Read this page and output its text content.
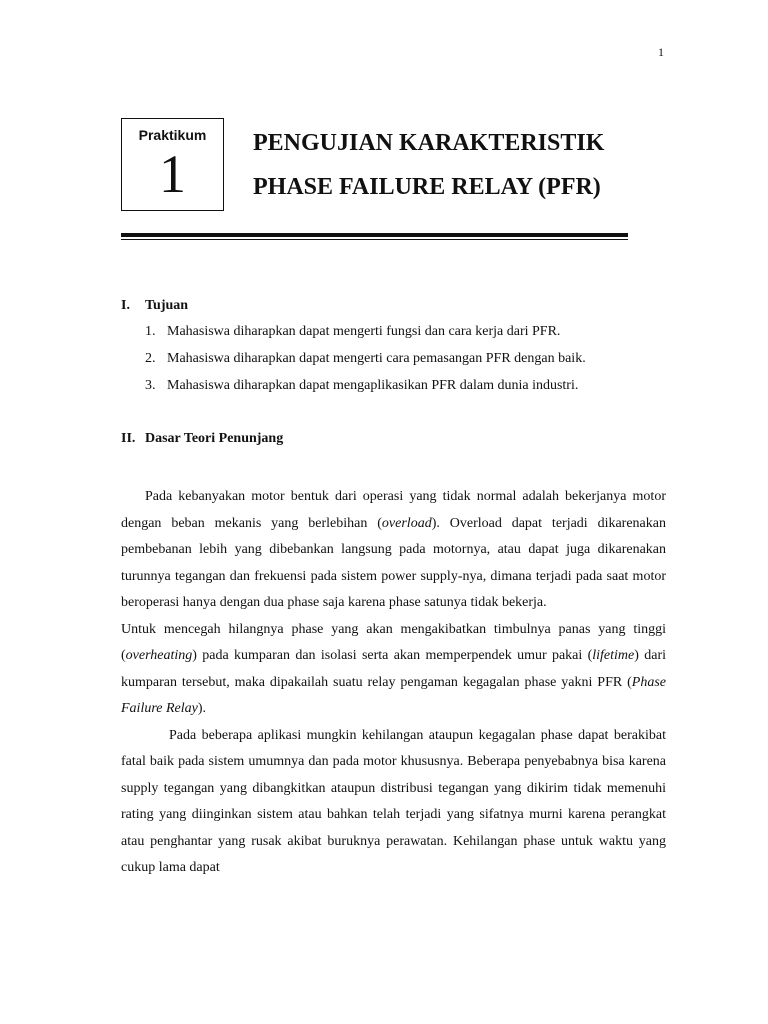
1
Praktikum
1
PENGUJIAN KARAKTERISTIK
PHASE FAILURE RELAY (PFR)
I. Tujuan
1. Mahasiswa diharapkan dapat mengerti fungsi dan cara kerja dari PFR.
2. Mahasiswa diharapkan dapat mengerti cara pemasangan PFR dengan baik.
3. Mahasiswa diharapkan dapat mengaplikasikan PFR dalam dunia industri.
II. Dasar Teori Penunjang

Pada kebanyakan motor bentuk dari operasi yang tidak normal adalah bekerjanya motor dengan beban mekanis yang berlebihan (overload). Overload dapat terjadi dikarenakan pembebanan lebih yang dibebankan langsung pada motornya, atau dapat juga dikarenakan turunnya tegangan dan frekuensi pada sistem power supply-nya, dimana terjadi pada saat motor beroperasi hanya dengan dua phase saja karena phase satunya tidak bekerja.

Untuk mencegah hilangnya phase yang akan mengakibatkan timbulnya panas yang tinggi (overheating) pada kumparan dan isolasi serta akan memperpendek umur pakai (lifetime) dari kumparan tersebut, maka dipakailah suatu relay pengaman kegagalan phase yakni PFR (Phase Failure Relay).

Pada beberapa aplikasi mungkin kehilangan ataupun kegagalan phase dapat berakibat fatal baik pada sistem umumnya dan pada motor khususnya. Beberapa penyebabnya bisa karena supply tegangan yang dibangkitkan ataupun distribusi tegangan yang dikirim tidak memenuhi rating yang diinginkan sistem atau bahkan telah terjadi yang sifatnya murni karena perangkat atau penghantar yang rusak akibat buruknya perawatan. Kehilangan phase untuk waktu yang cukup lama dapat
